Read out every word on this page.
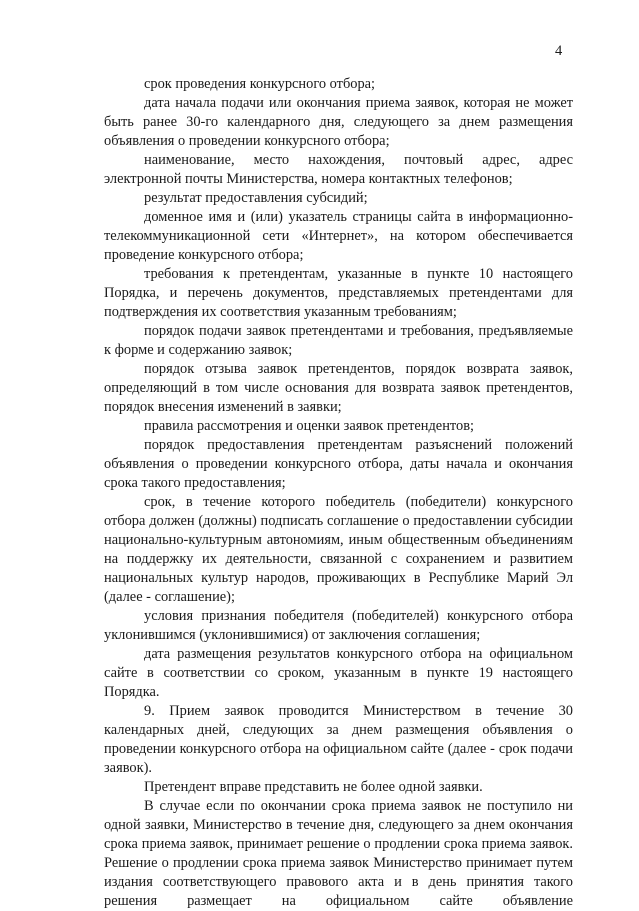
4

срок проведения конкурсного отбора;

дата начала подачи или окончания приема заявок, которая не может быть ранее 30-го календарного дня, следующего за днем размещения объявления о проведении конкурсного отбора;

наименование, место нахождения, почтовый адрес, адрес электронной почты Министерства, номера контактных телефонов;

результат предоставления субсидий;

доменное имя и (или) указатель страницы сайта в информационно-телекоммуникационной сети «Интернет», на котором обеспечивается проведение конкурсного отбора;

требования к претендентам, указанные в пункте 10 настоящего Порядка, и перечень документов, представляемых претендентами для подтверждения их соответствия указанным требованиям;

порядок подачи заявок претендентами и требования, предъявляемые к форме и содержанию заявок;

порядок отзыва заявок претендентов, порядок возврата заявок, определяющий в том числе основания для возврата заявок претендентов, порядок внесения изменений в заявки;

правила рассмотрения и оценки заявок претендентов;

порядок предоставления претендентам разъяснений положений объявления о проведении конкурсного отбора, даты начала и окончания срока такого предоставления;

срок, в течение которого победитель (победители) конкурсного отбора должен (должны) подписать соглашение о предоставлении субсидии национально-культурным автономиям, иным общественным объединениям на поддержку их деятельности, связанной с сохранением и развитием национальных культур народов, проживающих в Республике Марий Эл (далее - соглашение);

условия признания победителя (победителей) конкурсного отбора уклонившимся (уклонившимися) от заключения соглашения;

дата размещения результатов конкурсного отбора на официальном сайте в соответствии со сроком, указанным в пункте 19 настоящего Порядка.

9. Прием заявок проводится Министерством в течение 30 календарных дней, следующих за днем размещения объявления о проведении конкурсного отбора на официальном сайте (далее - срок подачи заявок).

Претендент вправе представить не более одной заявки.

В случае если по окончании срока приема заявок не поступило ни одной заявки, Министерство в течение дня, следующего за днем окончания срока приема заявок, принимает решение о продлении срока приема заявок. Решение о продлении срока приема заявок Министерство принимает путем издания соответствующего правового акта и в день принятия такого решения размещает на официальном сайте объявление
